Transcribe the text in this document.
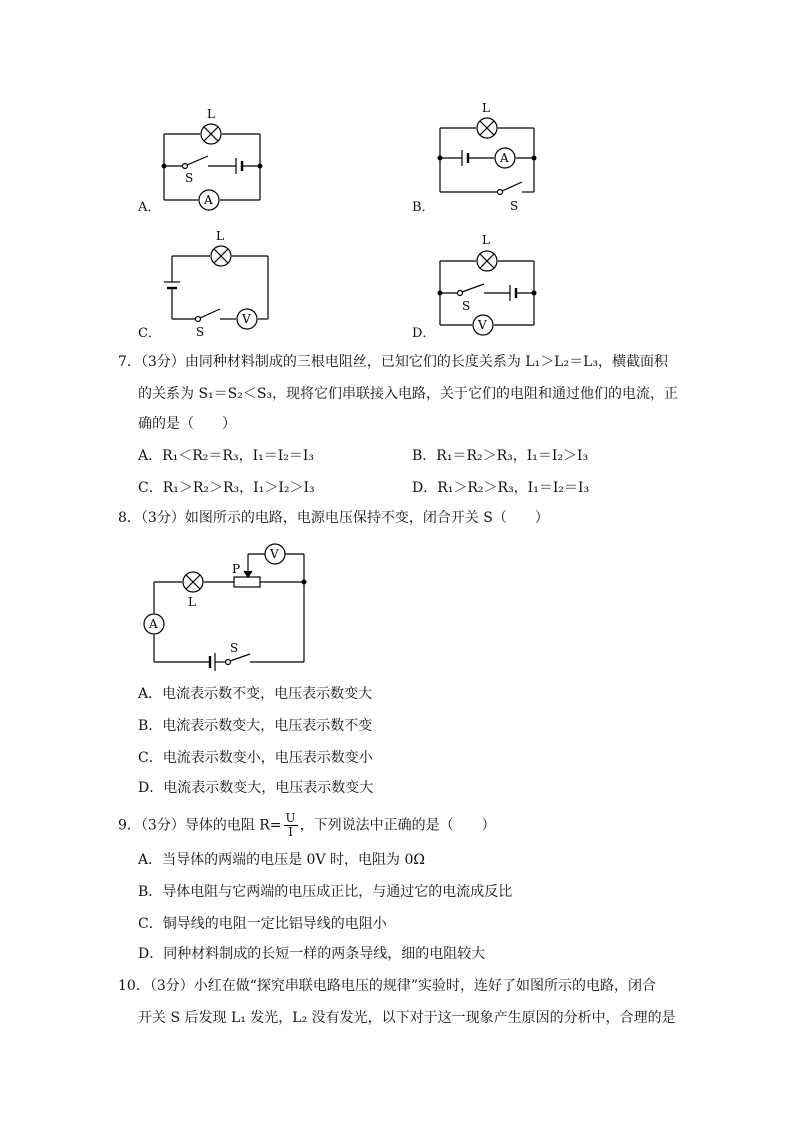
A．
L
S
A	B．
L
A
S
C．
L
S
V
D．
L
S
V
7．（3分）由同种材料制成的三根电阻丝，已知它们的长度关系为 L₁＞L₂＝L₃，横截面积
的关系为 S₁＝S₂＜S₃，现将它们串联接入电路，关于它们的电阻和通过他们的电流，正
确的是（　　）
A．R₁＜R₂＝R₃，I₁＝I₂＝I₃	B．R₁＝R₂＞R₃，I₁＝I₂＞I₃
C．R₁＞R₂＞R₃，I₁＞I₂＞I₃	D．R₁＞R₂＞R₃，I₁＝I₂＝I₃
8．（3分）如图所示的电路，电源电压保持不变，闭合开关 S（　　）
V
L
P
A
S
A．电流表示数不变，电压表示数变大
B．电流表示数变大，电压表示数不变
C．电流表示数变小，电压表示数变小
D．电流表示数变大，电压表示数变大
9．（3分）导体的电阻 $R= \frac{U}{I}$ ，下列说法中正确的是（　　）
A．当导体的两端的电压是 0V 时，电阻为 0Ω
B．导体电阻与它两端的电压成正比，与通过它的电流成反比
C．铜导线的电阻一定比铝导线的电阻小
D．同种材料制成的长短一样的两条导线，细的电阻较大
10．（3分）小红在做“探究串联电路电压的规律”实验时，连好了如图所示的电路，闭合
开关 S 后发现 L₁ 发光，L₂ 没有发光，以下对于这一现象产生原因的分析中，合理的是
